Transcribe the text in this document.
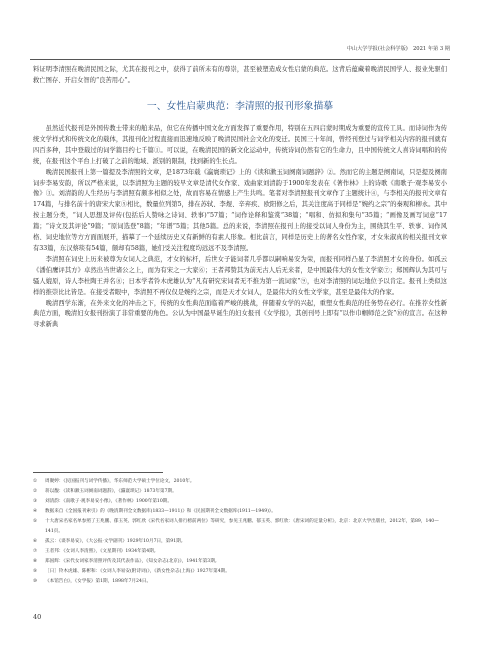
中山大学学报(社会科学版)　2021 年第 3 期

料证明李清照在晚清民国之际，尤其在报刊之中，获得了前所未有的尊崇，甚至被塑造成女性启蒙的典范。这背后蕴藏着晚清民国学人、报业先驱们救亡图存、开启女智的“良苦用心”。

一、女性启蒙典范：李清照的报刊形象描摹

虽然近代报刊是外国传教士带来的舶来品，但它在传播中国文化方面发挥了重要作用，特别在五四启蒙时期成为重要的宣传工具。而诗词作为传统文学样式和传统文化的载体，其报刊化过程直接而迅速地反映了晚清民国社会文化的变迁。民国三十年间，曾经刊登过与词学相关内容的报刊就有四百多种，其中登载过的词学篇目约七千篇①。可以说，在晚清民国的新文化运动中，传统诗词仍然有它的生命力，且中国传统文人喜诗词唱和的传统，在报刊这个平台上打破了之前的地域、派别的限制，找到新的生长点。

晚清民国报刊上第一篇提及李清照的文章，是1873年载《瀛寰琐记》上的《读和漱玉词阕南词题辞》②。然而它的主题是阕南词，只是提及阕南词步李易安韵，所以严格来说，以李清照为主题的较早文章是清代女作家、戏曲家刘清韵于1900年发表在《著作林》上的诗歌《南歌子·观李易安小像》③。刘清韵的人生经历与李清照有颇多相似之处，故而容易在情感上产生共鸣。笔者对李清照报刊文章作了主题统计④，与李相关的报刊文章有174篇，与排名前十的唐宋大家⑤相比，数量位列第5，排在苏轼、李煜、辛弃疾、欧阳修之后，其关注度高于同样是“婉约之宗”的秦观和柳永。其中按主题分类，“词人思想及评传(包括后人赞咏之诗词、轶事)”57篇；“词作诠释和鉴赏”38篇；“唱和、仿拟和集句”35篇；“画像及画写词意”17篇；“诗文及其评论”9篇；“原词选登”8篇；“年谱”5篇；其他5篇。总的来说，李清照在报刊上的接受以词人身份为主，围绕其生平、轶事、词作风格、词史地位等方方面面展开，描摹了一个延续历史又有新鲜的有素人形象。相比前言，同样是历史上的著名女性作家，才女朱淑真的相关报刊文章有33篇，东汉蔡琰有54篇，颇却有58篇，她们受关注程度均远远不及李清照。

李清照在词史上历来被尊为女词人之典范，才女的标杆，后世女子能词者几乎都以嗣响易安为荣，而报刊同样凸显了李清照才女的身份。如孤云《潘伯鹰评其方》卓然出当世诸公之上，而为有宋之一大家⑥；王者邦赞其为前无古人后无来者，是中国最伟大的女性文学家⑦；郑国辉认为其可与骚人媲原，诗人李杜陶王并名⑧；日本学者铃木虎雄认为“凡有研究宋词者无不推为第一流词家”⑨，也对李清照的词坛地位予以肯定。报刊上类似这样的推崇比比皆是。在接受者眼中，李清照不再仅仅是婉约之宗，而是天才女词人，是最伟大的女性文学家，甚至是最伟大的作家。

晚清西学东渐，在外来文化的冲击之下，传统的女性典范面临着严峻的挑战，伴随着女学的兴起，重塑女性典范的任务势在必行。在推荐女性新典范方面，晚清妇女报刊扮演了非常重要的角色。公认为中国最早诞生的妇女报刊《女学报》，其创刊号上即有“以作巾帼师范之资”⑩的宣言。在这种寻求新典

①	周聚婷：《民国报刊与词学传播》，华东师范大学硕士学位论文，2010年。
②	蒋以馥：《读和漱玉词阕南词题辞》，《瀛寰琐记》1873年第7期。
③	刘清韵：《南歌子·观李易安小像》，《著作林》1900年第10期。
④	数据来自《全国报刊索引》的《晚清期刊全文数据库(1833—1911)》和《民国期刊全文数据库(1911—1949)》。
⑤	十大唐宋名家名单参照了王兆鹏、郁玉英、郭红欣《宋代名家词人排行榜前两位》等研究，参见王兆鹏、郁玉英、郭红欣：《唐宋词的定量分析》，北京：北京大学出版社，2012年，第89，140—141页。
⑥	孤云：《谈李易安》，《大公报·文学副刊》1929年10月7日，第91期。
⑦	王者邦：《女词人李清照》，《文星期刊》1934年第4期。
⑧	郑国辉：《宋代女词家李清照评传及其代表作品》，《知女杂志(北京)》，1941年第3期。
⑨	［日］铃木虎雄、陈彬和：《女词人李易安(附诗词)》，《新女性杂志(上海)》1927年第4期。
⑩	《本馆告白》，《女学报》第1期，1898年7月24日。
40
